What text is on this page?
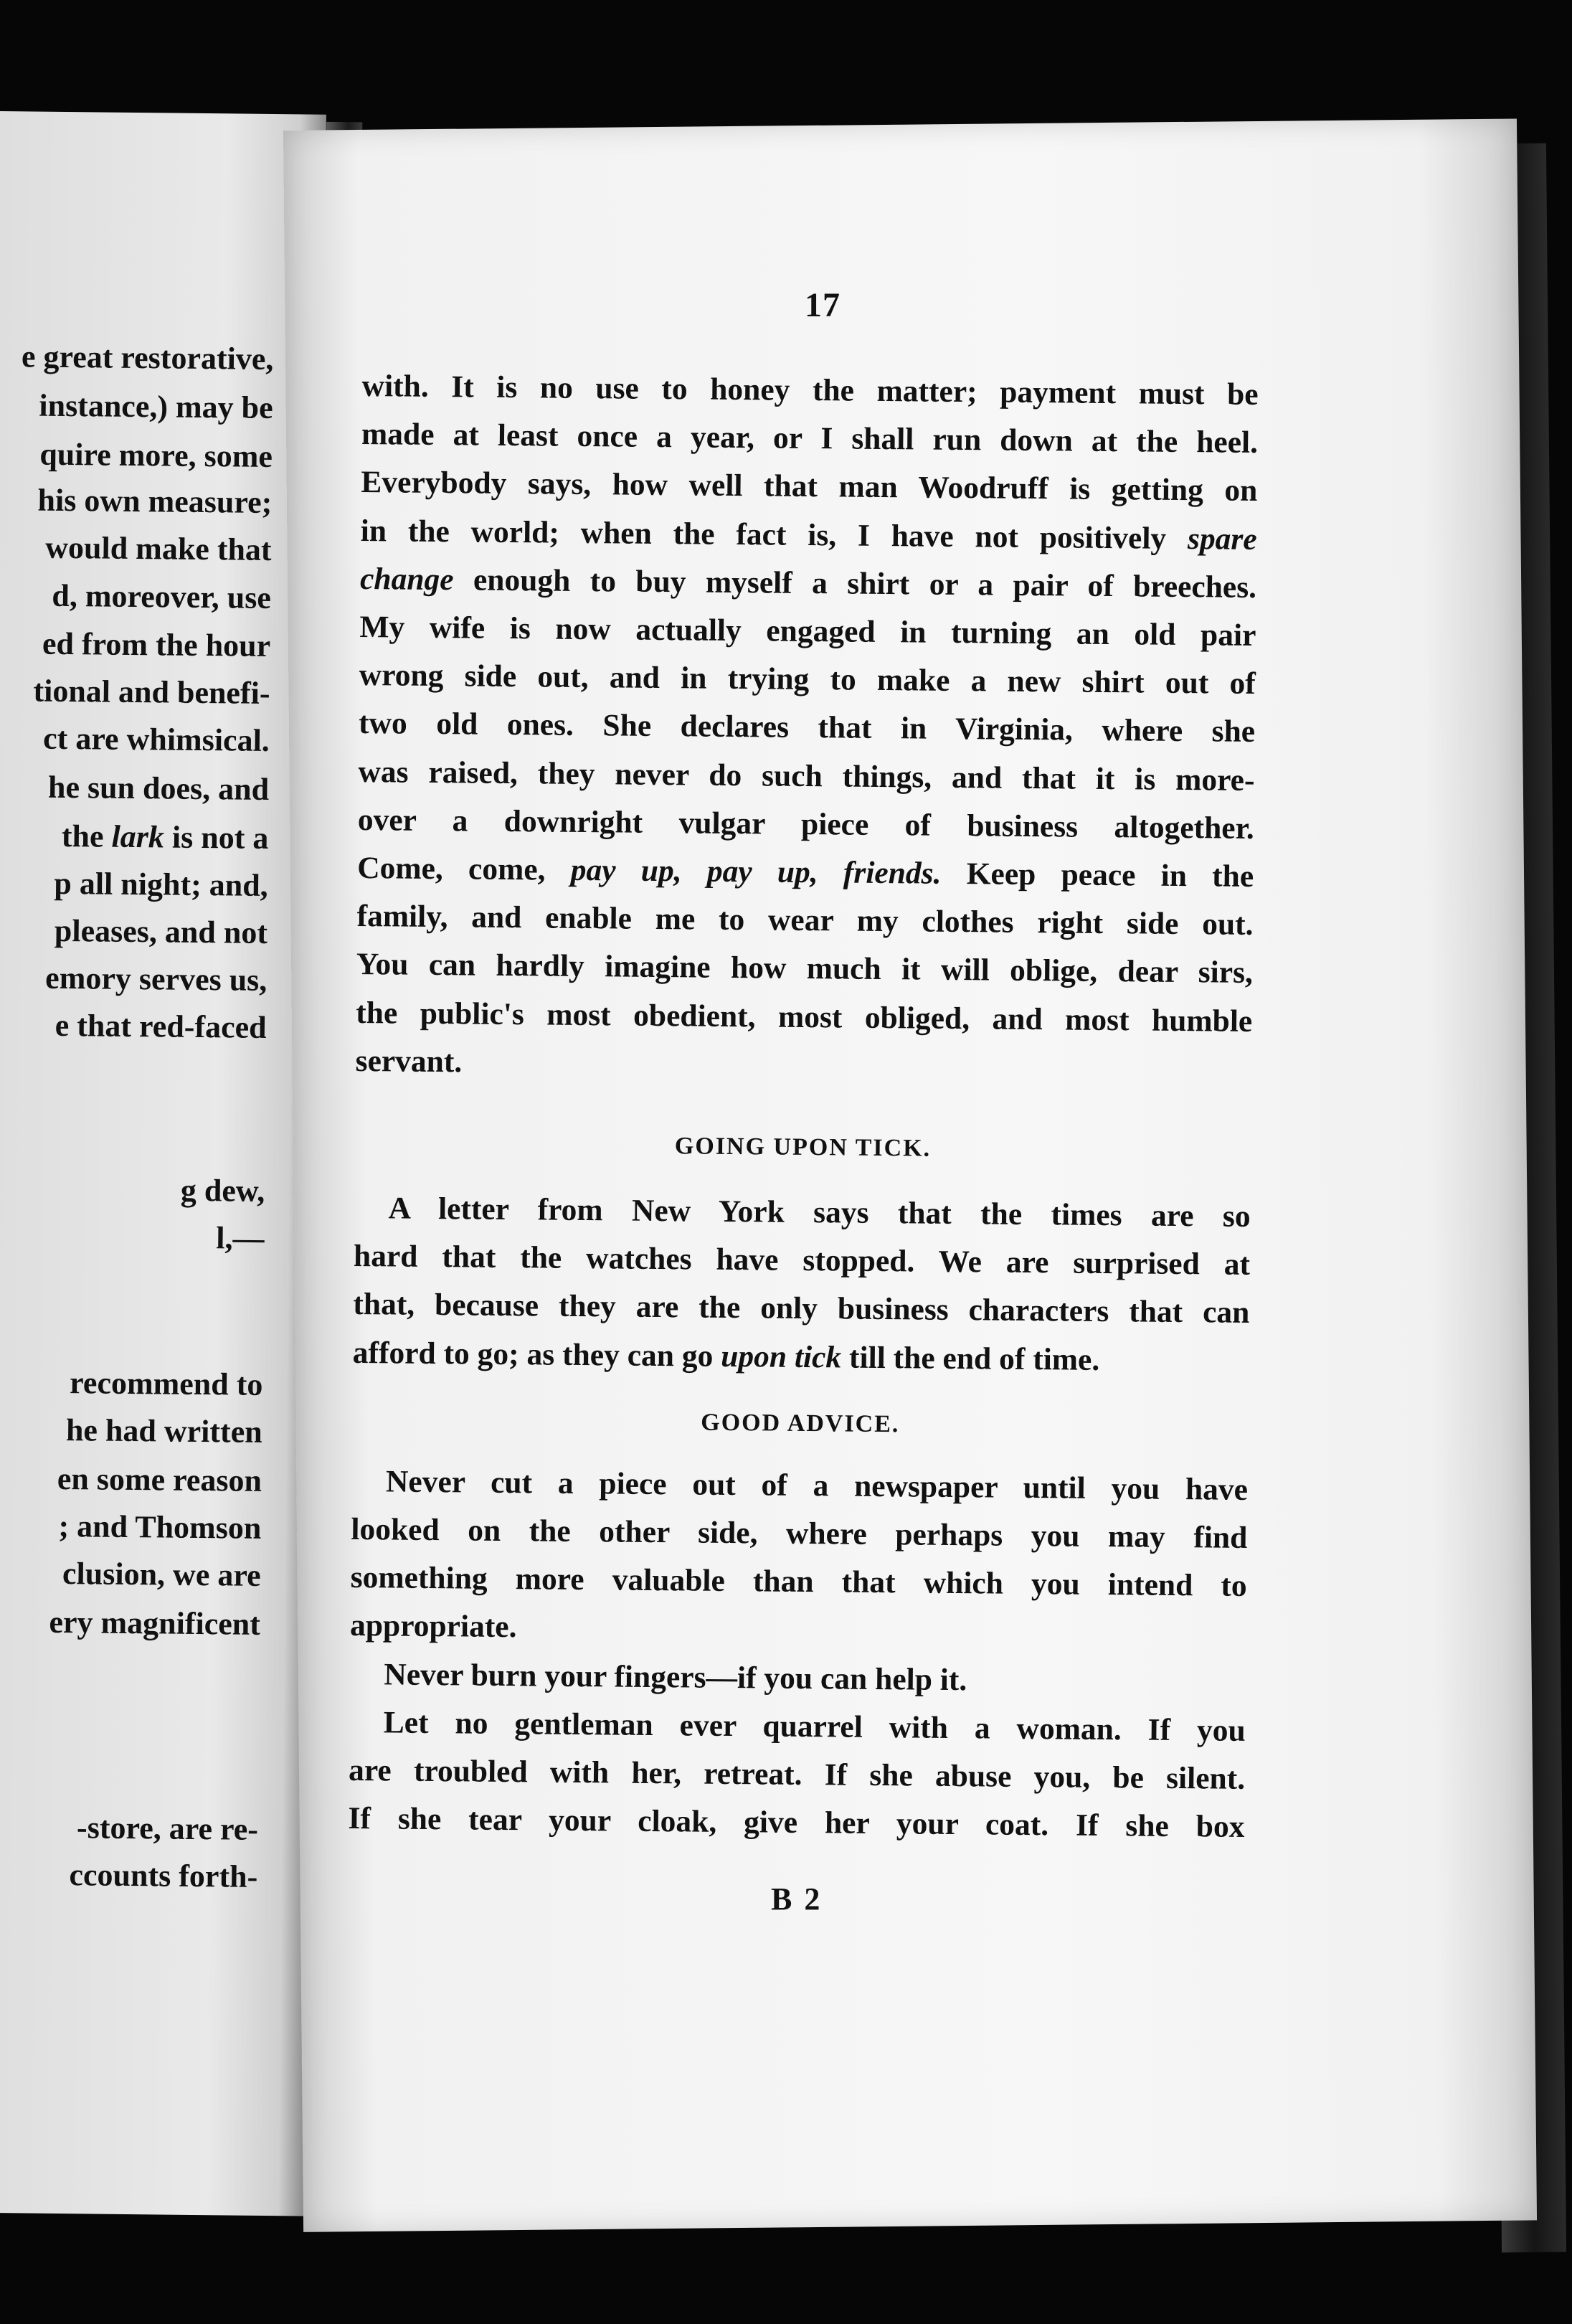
e great restorative,
instance,) may be
quire more, some
his own measure;
would make that
d, moreover, use
ed from the hour
tional and benefi-
ct are whimsical.
he sun does, and
the lark is not a
p all night; and,
pleases, and not
emory serves us,
e that red-faced
g dew,
l,—
recommend to
he had written
en some reason
; and Thomson
clusion, we are
ery magnificent
-store, are re-
ccounts forth-
17
with. It is no use to honey the matter; payment must be
made at least once a year, or I shall run down at the heel.
Everybody says, how well that man Woodruff is getting on
in the world; when the fact is, I have not positively spare
change enough to buy myself a shirt or a pair of breeches.
My wife is now actually engaged in turning an old pair
wrong side out, and in trying to make a new shirt out of
two old ones. She declares that in Virginia, where she
was raised, they never do such things, and that it is more-
over a downright vulgar piece of business altogether.
Come, come, pay up, pay up, friends. Keep peace in the
family, and enable me to wear my clothes right side out.
You can hardly imagine how much it will oblige, dear sirs,
the public's most obedient, most obliged, and most humble
servant.
GOING UPON TICK.
A letter from New York says that the times are so
hard that the watches have stopped. We are surprised at
that, because they are the only business characters that can
afford to go; as they can go upon tick till the end of time.
GOOD ADVICE.
Never cut a piece out of a newspaper until you have
looked on the other side, where perhaps you may find
something more valuable than that which you intend to
appropriate.
Never burn your fingers—if you can help it.
Let no gentleman ever quarrel with a woman. If you
are troubled with her, retreat. If she abuse you, be silent.
If she tear your cloak, give her your coat. If she box
B 2
